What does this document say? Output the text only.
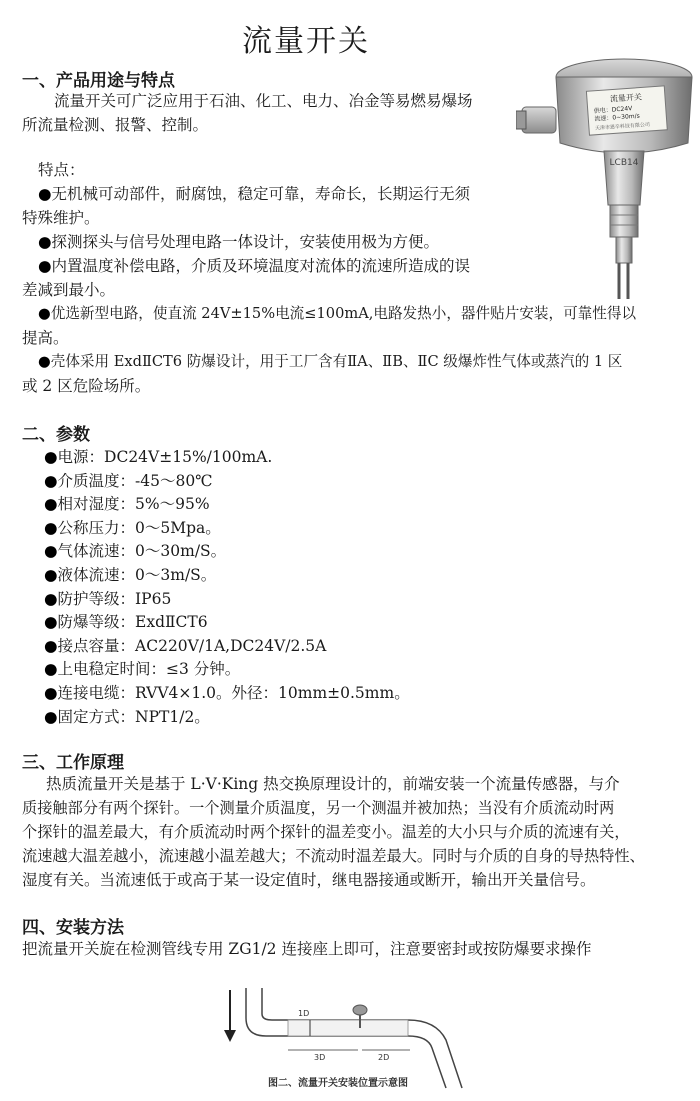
流量开关
一、产品用途与特点
流量开关可广泛应用于石油、化工、电力、冶金等易燃易爆场
所流量检测、报警、控制。
特点：
●无机械可动部件，耐腐蚀，稳定可靠，寿命长，长期运行无须
特殊维护。
●探测探头与信号处理电路一体设计，安装使用极为方便。
●内置温度补偿电路，介质及环境温度对流体的流速所造成的误
差减到最小。
●优选新型电路，使直流 24V±15%电流≤100mA,电路发热小，器件贴片安装，可靠性得以
提高。
●壳体采用 ExdⅡCT6 防爆设计，用于工厂含有ⅡA、ⅡB、ⅡC 级爆炸性气体或蒸汽的 1 区
或 2 区危险场所。
流量开关
供电：DC24V
流速：0~30m/s
天津市恩辛科技有限公司
LCB14
二、参数
●电源：DC24V±15%/100mA.
●介质温度：-45～80℃
●相对湿度：5%～95%
●公称压力：0～5Mpa。
●气体流速：0～30m/S。
●液体流速：0～3m/S。
●防护等级：IP65
●防爆等级：ExdⅡCT6
●接点容量：AC220V/1A,DC24V/2.5A
●上电稳定时间：≤3 分钟。
●连接电缆：RVV4×1.0。外径：10mm±0.5mm。
●固定方式：NPT1/2。
三、工作原理
热质流量开关是基于 L·V·King 热交换原理设计的，前端安装一个流量传感器，与介
质接触部分有两个探针。一个测量介质温度，另一个测温并被加热；当没有介质流动时两
个探针的温差最大，有介质流动时两个探针的温差变小。温差的大小只与介质的流速有关，
流速越大温差越小，流速越小温差越大；不流动时温差最大。同时与介质的自身的导热特性、
湿度有关。当流速低于或高于某一设定值时，继电器接通或断开，输出开关量信号。
四、安装方法
把流量开关旋在检测管线专用 ZG1/2 连接座上即可，注意要密封或按防爆要求操作
1D
3D	2D
图二、流量开关安装位置示意图
